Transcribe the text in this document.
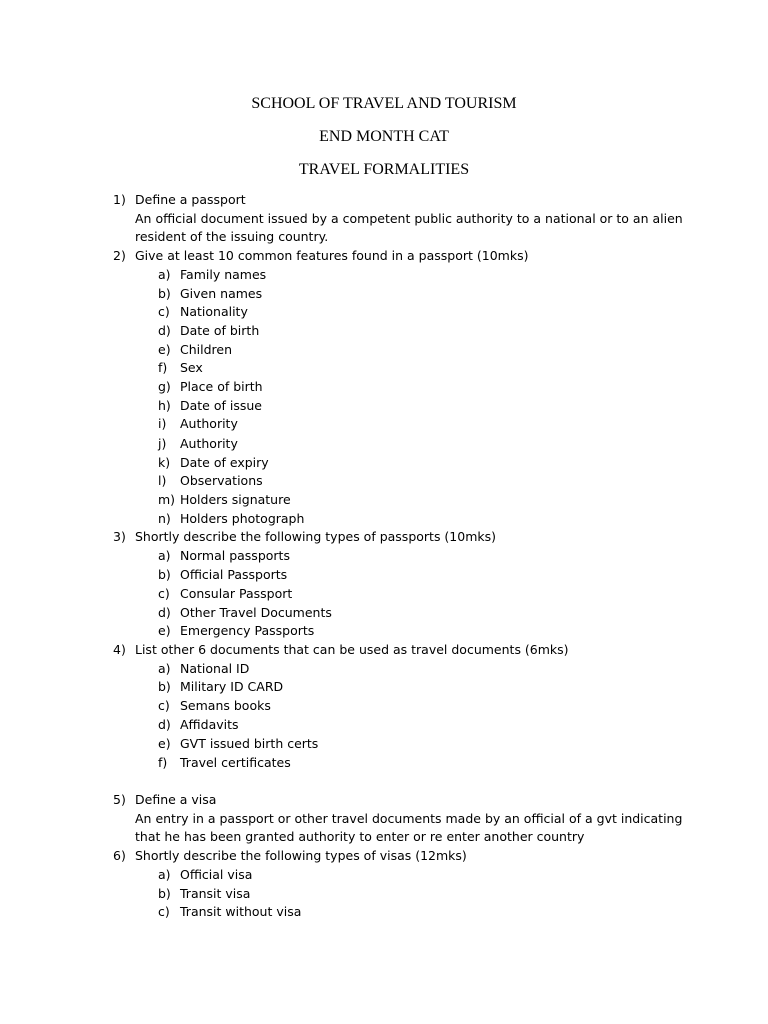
SCHOOL OF TRAVEL AND TOURISM
END MONTH CAT
TRAVEL FORMALITIES
1) Define a passport
An official document issued by a competent public authority to a national or to an alien resident of the issuing country.
2) Give at least 10 common features found in a passport (10mks)
a) Family names
b) Given names
c) Nationality
d) Date of birth
e) Children
f) Sex
g) Place of birth
h) Date of issue
i) Authority
j) Authority
k) Date of expiry
l) Observations
m) Holders signature
n) Holders photograph
3) Shortly describe the following types of passports (10mks)
a) Normal passports
b) Official Passports
c) Consular Passport
d) Other Travel Documents
e) Emergency Passports
4) List other 6 documents that can be used as travel documents (6mks)
a) National ID
b) Military ID CARD
c) Semans books
d) Affidavits
e) GVT issued birth certs
f) Travel certificates
5) Define a visa
An entry in a passport or other travel documents made by an official of a gvt indicating that he has been granted authority to enter or re enter another country
6) Shortly describe the following types of visas (12mks)
a) Official visa
b) Transit visa
c) Transit without visa
